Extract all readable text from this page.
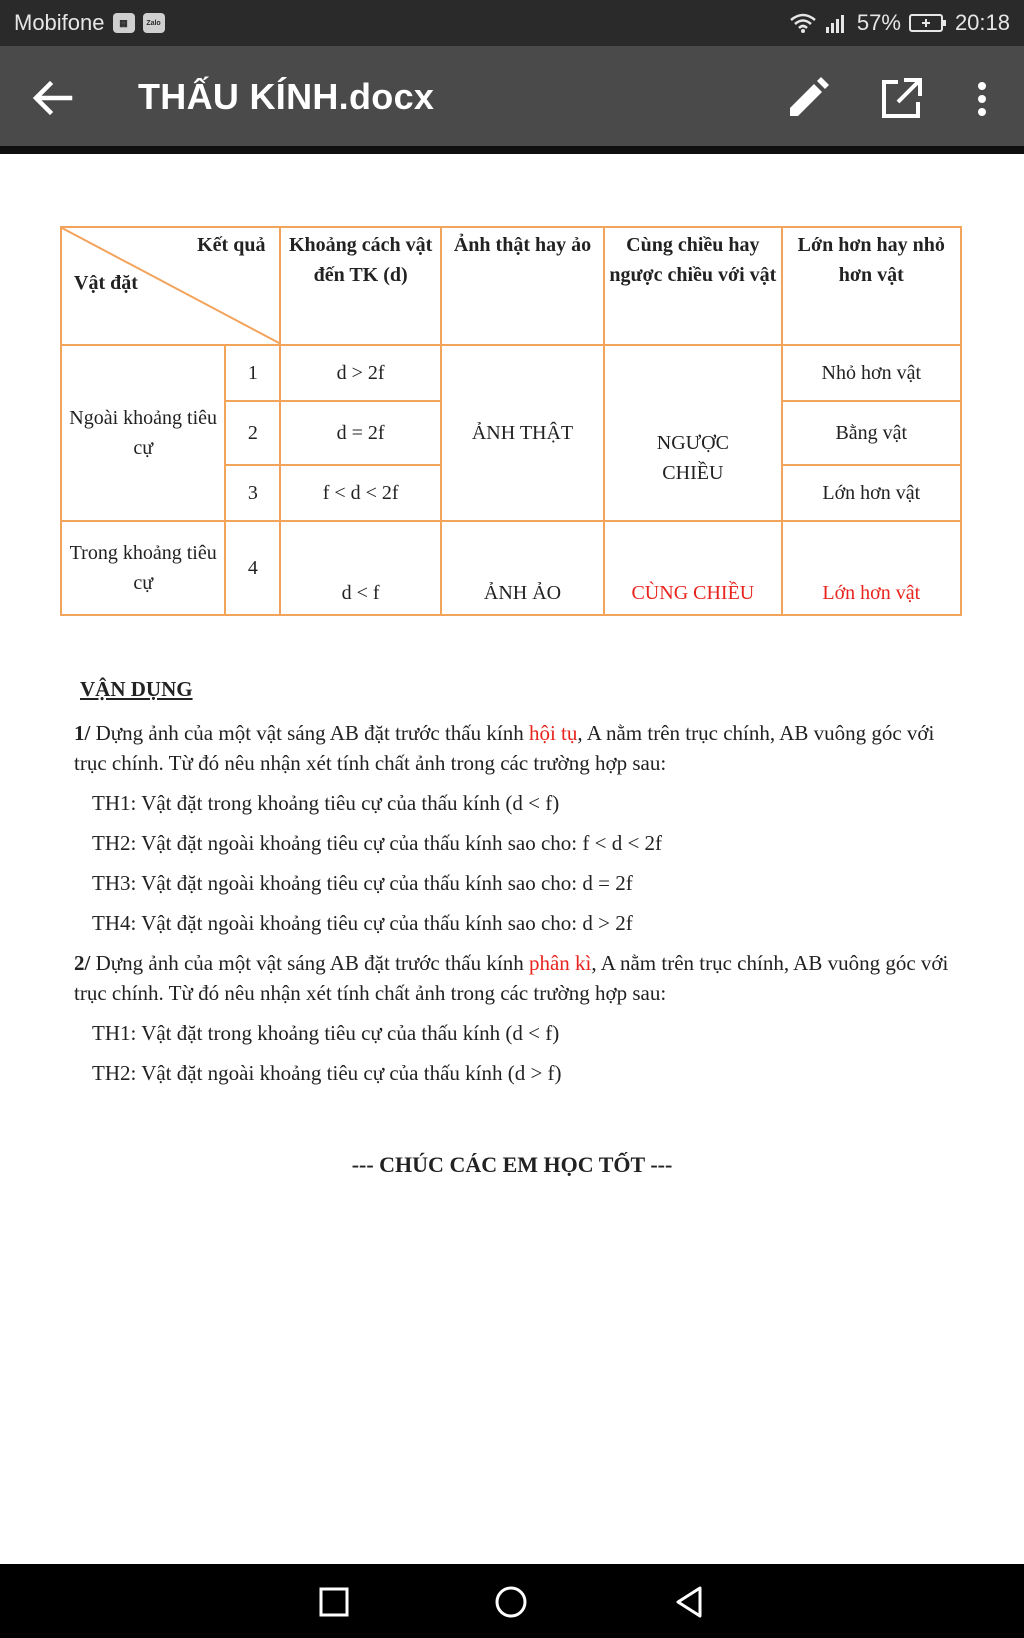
Mobifone	▦	Zalo	57% 20:18
THẤU KÍNH.docx
Kết quả
Vật đặt		Khoảng cách vật đến TK (d)	Ảnh thật hay ảo	Cùng chiều hay ngược chiều với vật	Lớn hơn hay nhỏ hơn vật
Ngoài khoảng tiêu cự	1	d > 2f	ẢNH THẬT	NGƯỢC CHIỀU	Nhỏ hơn vật
	2	d = 2f			Bằng vật
	3	f < d < 2f			Lớn hơn vật
Trong khoảng tiêu cự	4	d < f	ẢNH ẢO	CÙNG CHIỀU	Lớn hơn vật

VẬN DỤNG

1/ Dựng ảnh của một vật sáng AB đặt trước thấu kính hội tụ, A nằm trên trục chính, AB vuông góc với trục chính. Từ đó nêu nhận xét tính chất ảnh trong các trường hợp sau:

TH1: Vật đặt trong khoảng tiêu cự của thấu kính (d < f)

TH2: Vật đặt ngoài khoảng tiêu cự của thấu kính sao cho: f < d < 2f

TH3: Vật đặt ngoài khoảng tiêu cự của thấu kính sao cho: d = 2f

TH4: Vật đặt ngoài khoảng tiêu cự của thấu kính sao cho: d > 2f

2/ Dựng ảnh của một vật sáng AB đặt trước thấu kính phân kì, A nằm trên trục chính, AB vuông góc với trục chính. Từ đó nêu nhận xét tính chất ảnh trong các trường hợp sau:

TH1: Vật đặt trong khoảng tiêu cự của thấu kính (d < f)

TH2: Vật đặt ngoài khoảng tiêu cự của thấu kính (d > f)

--- CHÚC CÁC EM HỌC TỐT ---
